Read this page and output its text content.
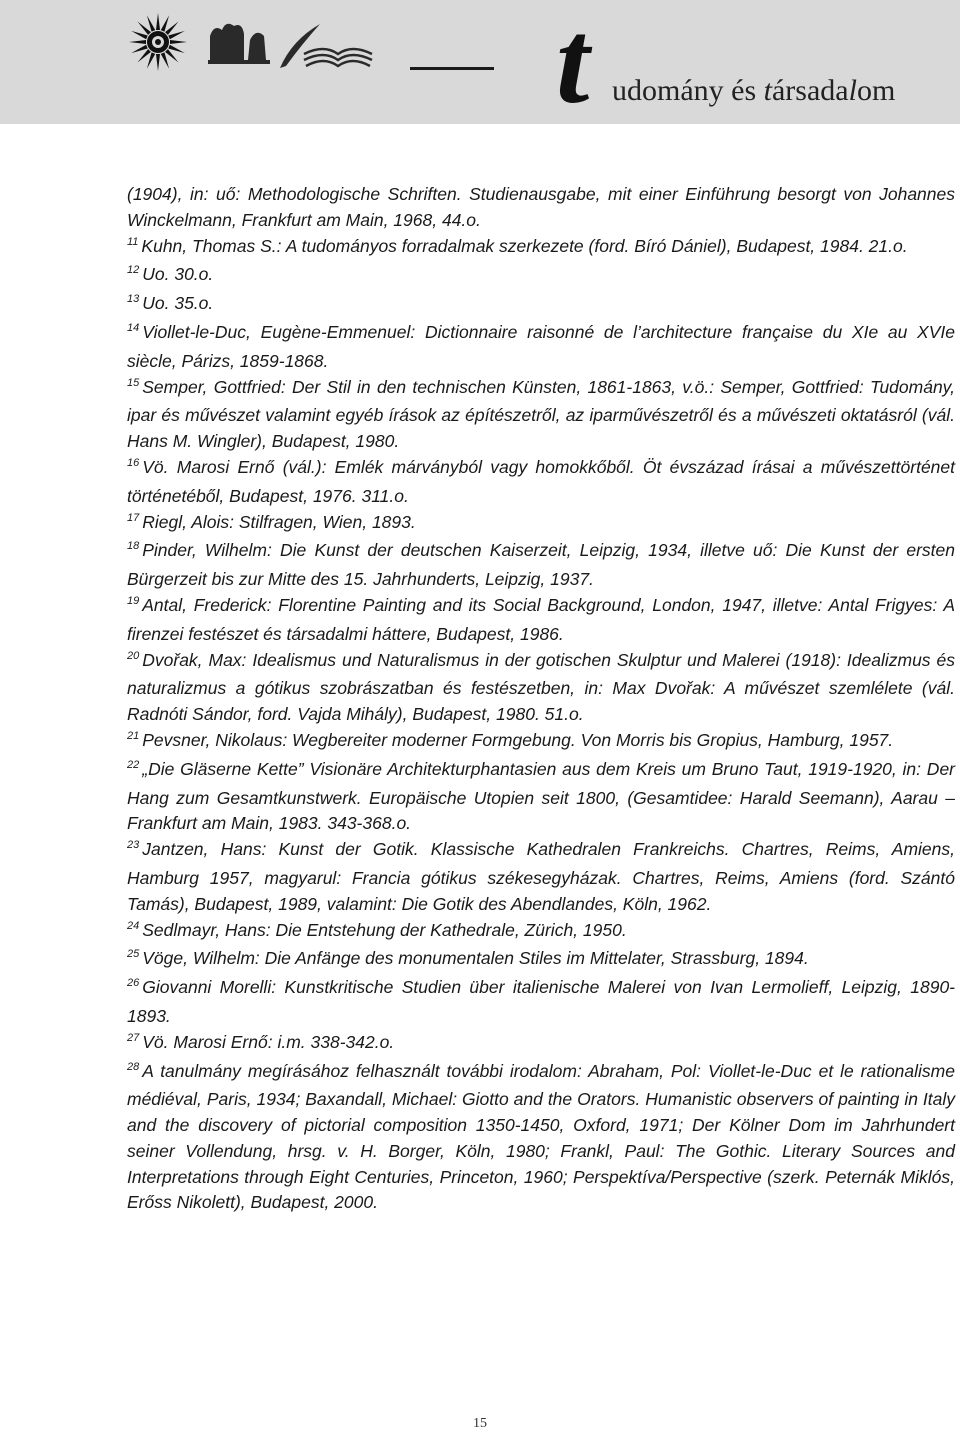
t udomány és társadalom

(1904), in: uő: Methodologische Schriften. Studienausgabe, mit einer Einführung besorgt von Johannes Winckelmann, Frankfurt am Main, 1968, 44.o.

$^{11}$ Kuhn, Thomas S.: A tudományos forradalmak szerkezete (ford. Bíró Dániel), Budapest, 1984. 21.o.

$^{12}$ Uo. 30.o.

$^{13}$ Uo. 35.o.

$^{14}$ Viollet-le-Duc, Eugène-Emmenuel: Dictionnaire raisonné de l’architecture française du XIe au XVIe siècle, Párizs, 1859-1868.

$^{15}$ Semper, Gottfried: Der Stil in den technischen Künsten, 1861-1863, v.ö.: Semper, Gottfried: Tudomány, ipar és művészet valamint egyéb írások az építészetről, az iparművészetről és a művészeti oktatásról (vál. Hans M. Wingler), Budapest, 1980.

$^{16}$ Vö. Marosi Ernő (vál.): Emlék márványból vagy homokkőből. Öt évszázad írásai a művészettörténet történetéből, Budapest, 1976. 311.o.

$^{17}$ Riegl, Alois: Stilfragen, Wien, 1893.

$^{18}$ Pinder, Wilhelm: Die Kunst der deutschen Kaiserzeit, Leipzig, 1934, illetve uő: Die Kunst der ersten Bürgerzeit bis zur Mitte des 15. Jahrhunderts, Leipzig, 1937.

$^{19}$ Antal, Frederick: Florentine Painting and its Social Background, London, 1947, illetve: Antal Frigyes: A firenzei festészet és társadalmi háttere, Budapest, 1986.

$^{20}$ Dvořak, Max: Idealismus und Naturalismus in der gotischen Skulptur und Malerei (1918): Idealizmus és naturalizmus a gótikus szobrászatban és festészetben, in: Max Dvořak: A művészet szemlélete (vál. Radnóti Sándor, ford. Vajda Mihály), Budapest, 1980. 51.o.

$^{21}$ Pevsner, Nikolaus: Wegbereiter moderner Formgebung. Von Morris bis Gropius, Hamburg, 1957.

$^{22}$ „Die Gläserne Kette” Visionäre Architekturphantasien aus dem Kreis um Bruno Taut, 1919-1920, in: Der Hang zum Gesamtkunstwerk. Europäische Utopien seit 1800, (Gesamtidee: Harald Seemann), Aarau – Frankfurt am Main, 1983. 343-368.o.

$^{23}$ Jantzen, Hans: Kunst der Gotik. Klassische Kathedralen Frankreichs. Chartres, Reims, Amiens, Hamburg 1957, magyarul: Francia gótikus székesegyházak. Chartres, Reims, Amiens (ford. Szántó Tamás), Budapest, 1989, valamint: Die Gotik des Abendlandes, Köln, 1962.

$^{24}$ Sedlmayr, Hans: Die Entstehung der Kathedrale, Zürich, 1950.

$^{25}$ Vöge, Wilhelm: Die Anfänge des monumentalen Stiles im Mittelater, Strassburg, 1894.

$^{26}$ Giovanni Morelli: Kunstkritische Studien über italienische Malerei von Ivan Lermolieff, Leipzig, 1890-1893.

$^{27}$ Vö. Marosi Ernő: i.m. 338-342.o.

$^{28}$ A tanulmány megírásához felhasznált további irodalom: Abraham, Pol: Viollet-le-Duc et le rationalisme médiéval, Paris, 1934; Baxandall, Michael: Giotto and the Orators. Humanistic observers of painting in Italy and the discovery of pictorial composition 1350-1450, Oxford, 1971; Der Kölner Dom im Jahrhundert seiner Vollendung, hrsg. v. H. Borger, Köln, 1980; Frankl, Paul: The Gothic. Literary Sources and Interpretations through Eight Centuries, Princeton, 1960; Perspektíva/Perspective (szerk. Peternák Miklós, Erőss Nikolett), Budapest, 2000.

15
